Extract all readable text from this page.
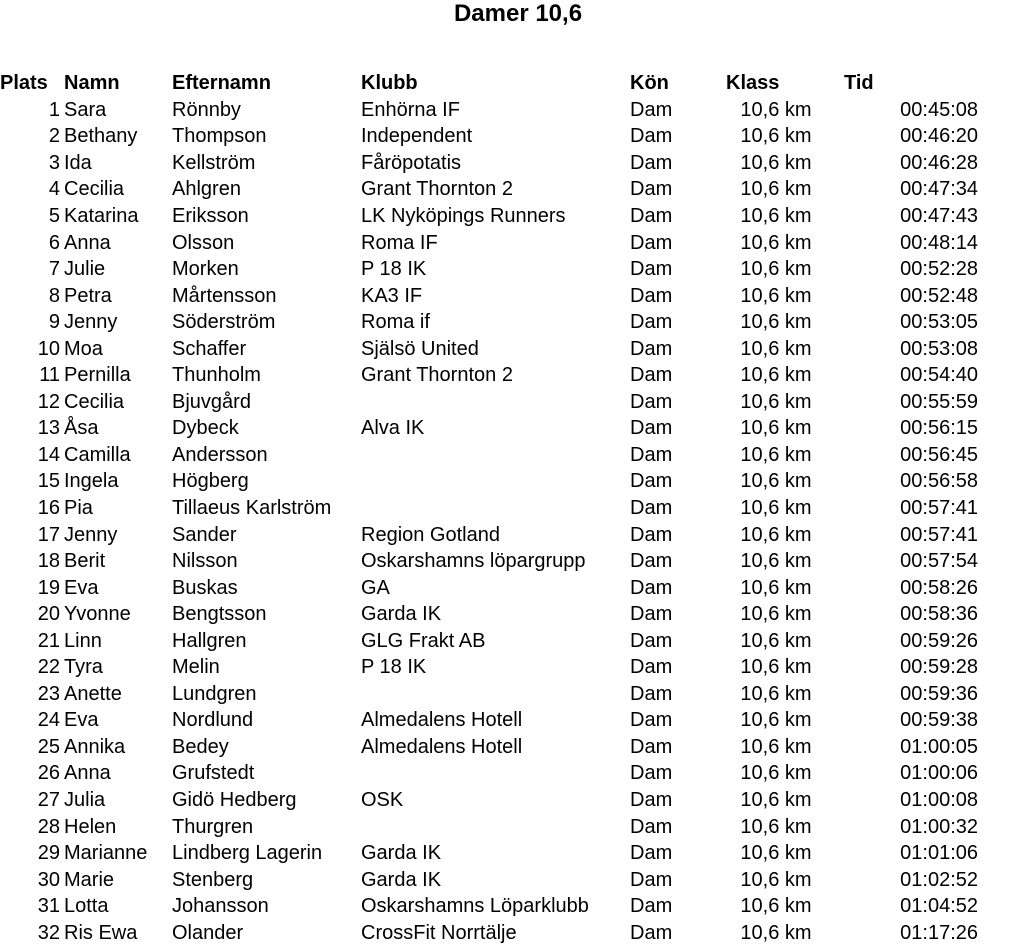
Damer 10,6
Plats	Namn	Efternamn	Klubb	Kön	Klass	Tid
1	Sara	Rönnby	Enhörna IF	Dam	10,6 km	00:45:08
2	Bethany	Thompson	Independent	Dam	10,6 km	00:46:20
3	Ida	Kellström	Fåröpotatis	Dam	10,6 km	00:46:28
4	Cecilia	Ahlgren	Grant Thornton 2	Dam	10,6 km	00:47:34
5	Katarina	Eriksson	LK Nyköpings Runners	Dam	10,6 km	00:47:43
6	Anna	Olsson	Roma IF	Dam	10,6 km	00:48:14
7	Julie	Morken	P 18 IK	Dam	10,6 km	00:52:28
8	Petra	Mårtensson	KA3 IF	Dam	10,6 km	00:52:48
9	Jenny	Söderström	Roma if	Dam	10,6 km	00:53:05
10	Moa	Schaffer	Själsö United	Dam	10,6 km	00:53:08
11	Pernilla	Thunholm	Grant Thornton 2	Dam	10,6 km	00:54:40
12	Cecilia	Bjuvgård		Dam	10,6 km	00:55:59
13	Åsa	Dybeck	Alva IK	Dam	10,6 km	00:56:15
14	Camilla	Andersson		Dam	10,6 km	00:56:45
15	Ingela	Högberg		Dam	10,6 km	00:56:58
16	Pia	Tillaeus Karlström		Dam	10,6 km	00:57:41
17	Jenny	Sander	Region Gotland	Dam	10,6 km	00:57:41
18	Berit	Nilsson	Oskarshamns löpargrupp	Dam	10,6 km	00:57:54
19	Eva	Buskas	GA	Dam	10,6 km	00:58:26
20	Yvonne	Bengtsson	Garda IK	Dam	10,6 km	00:58:36
21	Linn	Hallgren	GLG Frakt AB	Dam	10,6 km	00:59:26
22	Tyra	Melin	P 18 IK	Dam	10,6 km	00:59:28
23	Anette	Lundgren		Dam	10,6 km	00:59:36
24	Eva	Nordlund	Almedalens Hotell	Dam	10,6 km	00:59:38
25	Annika	Bedey	Almedalens Hotell	Dam	10,6 km	01:00:05
26	Anna	Grufstedt		Dam	10,6 km	01:00:06
27	Julia	Gidö Hedberg	OSK	Dam	10,6 km	01:00:08
28	Helen	Thurgren		Dam	10,6 km	01:00:32
29	Marianne	Lindberg Lagerin	Garda IK	Dam	10,6 km	01:01:06
30	Marie	Stenberg	Garda IK	Dam	10,6 km	01:02:52
31	Lotta	Johansson	Oskarshamns Löparklubb	Dam	10,6 km	01:04:52
32	Ris Ewa	Olander	CrossFit Norrtälje	Dam	10,6 km	01:17:26
